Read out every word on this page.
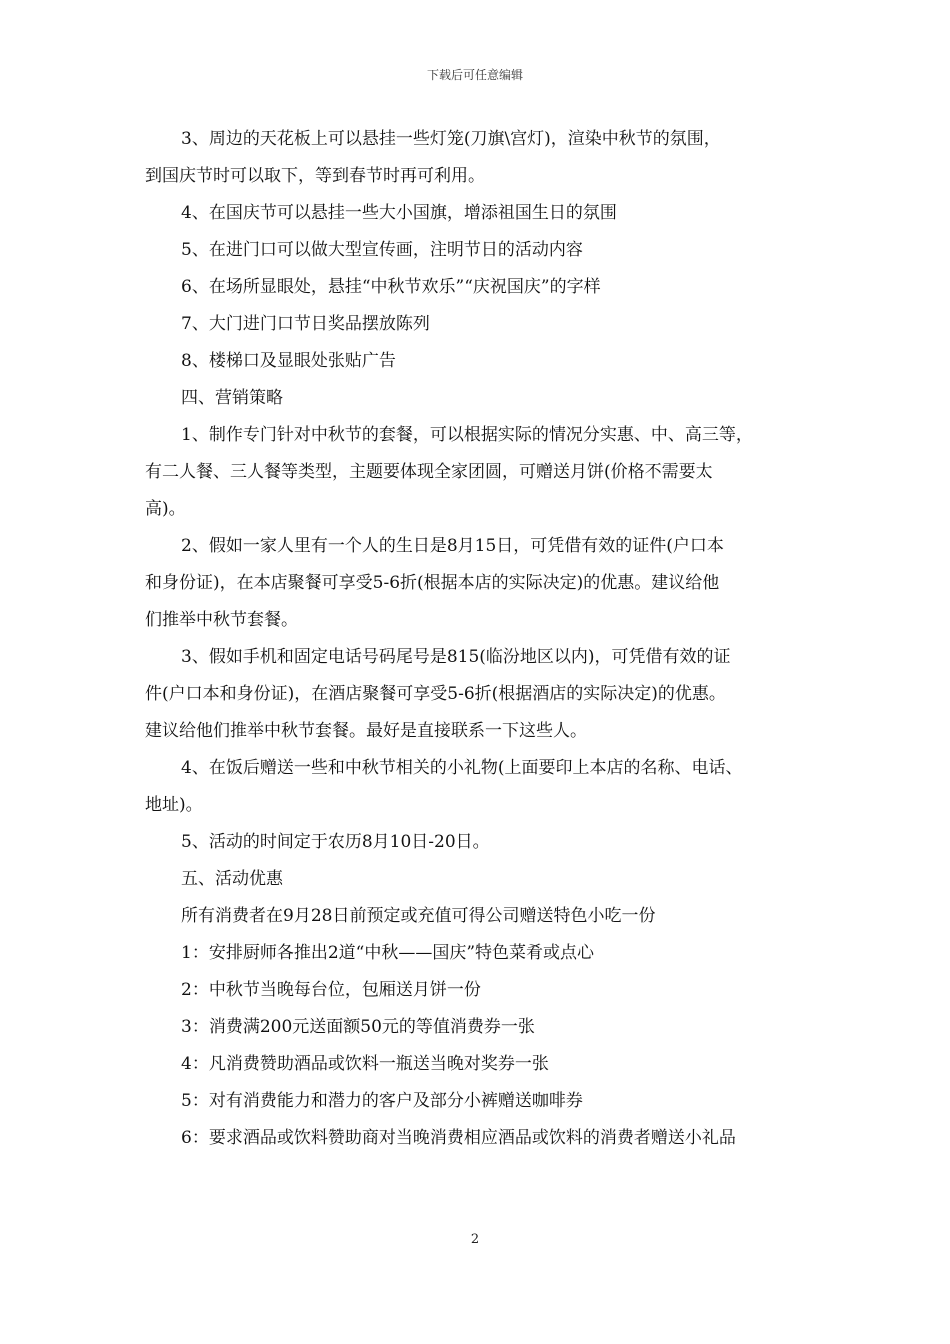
下载后可任意编辑

3、周边的天花板上可以悬挂一些灯笼(刀旗\宫灯)，渲染中秋节的氛围，

到国庆节时可以取下，等到春节时再可利用。

4、在国庆节可以悬挂一些大小国旗，增添祖国生日的氛围

5、在进门口可以做大型宣传画，注明节日的活动内容

6、在场所显眼处，悬挂“中秋节欢乐”“庆祝国庆”的字样

7、大门进门口节日奖品摆放陈列

8、楼梯口及显眼处张贴广告

四、营销策略

1、制作专门针对中秋节的套餐，可以根据实际的情况分实惠、中、高三等，

有二人餐、三人餐等类型，主题要体现全家团圆，可赠送月饼(价格不需要太

高)。

2、假如一家人里有一个人的生日是8月15日，可凭借有效的证件(户口本

和身份证)，在本店聚餐可享受5-6折(根据本店的实际决定)的优惠。建议给他

们推举中秋节套餐。

3、假如手机和固定电话号码尾号是815(临汾地区以内)，可凭借有效的证

件(户口本和身份证)，在酒店聚餐可享受5-6折(根据酒店的实际决定)的优惠。

建议给他们推举中秋节套餐。最好是直接联系一下这些人。

4、在饭后赠送一些和中秋节相关的小礼物(上面要印上本店的名称、电话、

地址)。

5、活动的时间定于农历8月10日-20日。

五、活动优惠

所有消费者在9月28日前预定或充值可得公司赠送特色小吃一份

1：安排厨师各推出2道“中秋——国庆”特色菜肴或点心

2：中秋节当晚每台位，包厢送月饼一份

3：消费满200元送面额50元的等值消费券一张

4：凡消费赞助酒品或饮料一瓶送当晚对奖券一张

5：对有消费能力和潜力的客户及部分小裤赠送咖啡券

6：要求酒品或饮料赞助商对当晚消费相应酒品或饮料的消费者赠送小礼品

2
